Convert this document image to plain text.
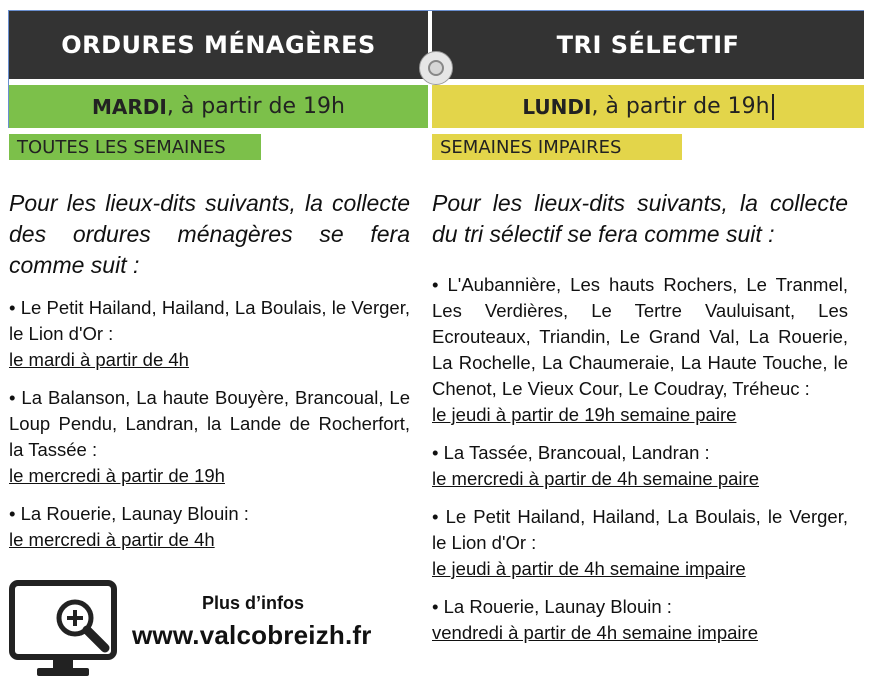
ORDURES MÉNAGÈRES	TRI SÉLECTIF
MARDI , à partir de 19h	LUNDI , à partir de 19h
TOUTES LES SEMAINES	SEMAINES IMPAIRES

Pour les lieux-dits suivants, la collecte des ordures ménagères se fera comme suit :

• Le Petit Hailand, Hailand, La Boulais, le Verger, le Lion d'Or :
le mardi à partir de 4h
• La Balanson, La haute Bouyère, Brancoual, Le Loup Pendu, Landran, la Lande de Rocherfort, la Tassée :
le mercredi à partir de 19h
• La Rouerie, Launay Blouin :
le mercredi à partir de 4h

Pour les lieux-dits suivants, la collecte du tri sélectif se fera comme suit :

• L'Aubannière, Les hauts Rochers, Le Tranmel, Les Verdières, Le Tertre Vauluisant, Les Ecrouteaux, Triandin, Le Grand Val, La Rouerie, La Rochelle, La Chaumeraie, La Haute Touche, le Chenot, Le Vieux Cour, Le Coudray, Tréheuc :
le jeudi à partir de 19h semaine paire
• La Tassée, Brancoual, Landran :
le mercredi à partir de 4h semaine paire
• Le Petit Hailand, Hailand, La Boulais, le Verger, le Lion d'Or :
le jeudi à partir de 4h semaine impaire
• La Rouerie, Launay Blouin :
vendredi à partir de 4h semaine impaire
Plus d’infos
www.valcobreizh.fr
